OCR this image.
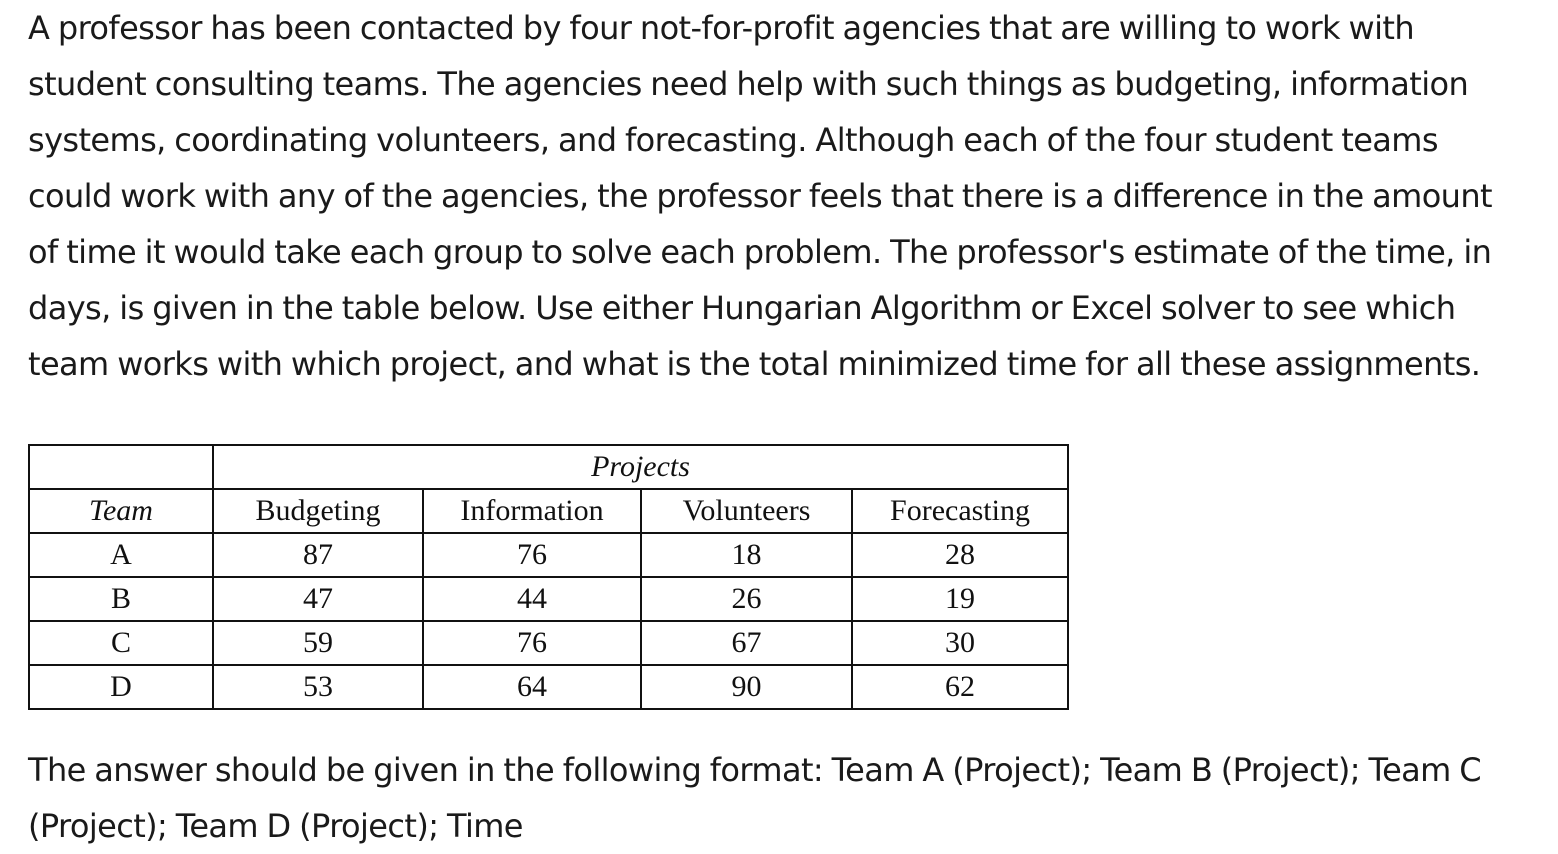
A professor has been contacted by four not-for-profit agencies that are willing to work with student consulting teams. The agencies need help with such things as budgeting, information systems, coordinating volunteers, and forecasting. Although each of the four student teams could work with any of the agencies, the professor feels that there is a difference in the amount of time it would take each group to solve each problem. The professor's estimate of the time, in days, is given in the table below. Use either Hungarian Algorithm or Excel solver to see which team works with which project, and what is the total minimized time for all these assignments.

	Projects			
Team	Budgeting	Information	Volunteers	Forecasting
A	87	76	18	28
B	47	44	26	19
C	59	76	67	30
D	53	64	90	62

The answer should be given in the following format: Team A (Project); Team B (Project); Team C (Project); Team D (Project); Time
